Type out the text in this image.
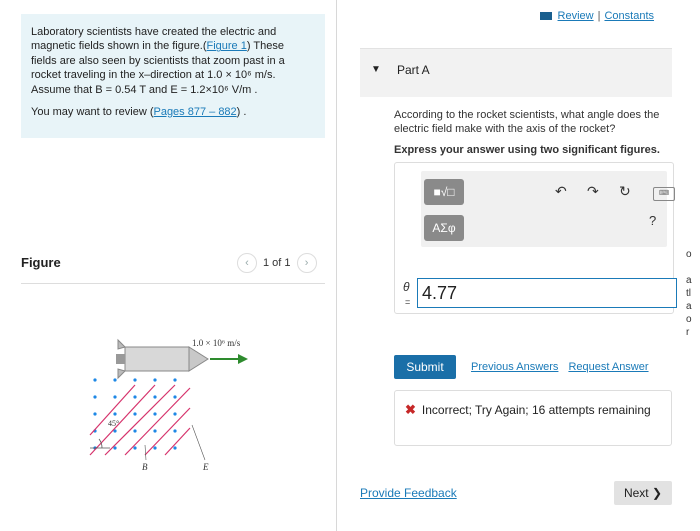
Laboratory scientists have created the electric and
magnetic fields shown in the figure.(Figure 1) These
fields are also seen by scientists that zoom past in a
rocket traveling in the x–direction at 1.0 × 10⁶ m/s.
Assume that B = 0.54 T and E = 1.2×10⁶ V/m .

You may want to review (Pages 877 – 882) .

Figure	‹ 1 of 1 ›
1.0 × 10⁶ m/s
45°
B	E
Review | Constants
▼ Part A
According to the rocket scientists, what angle does the electric field make with the axis of the rocket?
Express your answer using two significant figures.
■√□
ΑΣφ
↶ ↷ ↻	⌨
?
θ
= 4.77
Submit	Previous Answers Request Answer
✖ Incorrect; Try Again; 16 attempts remaining
Provide Feedback	Next ❯
o

a
tl
a
o
r
